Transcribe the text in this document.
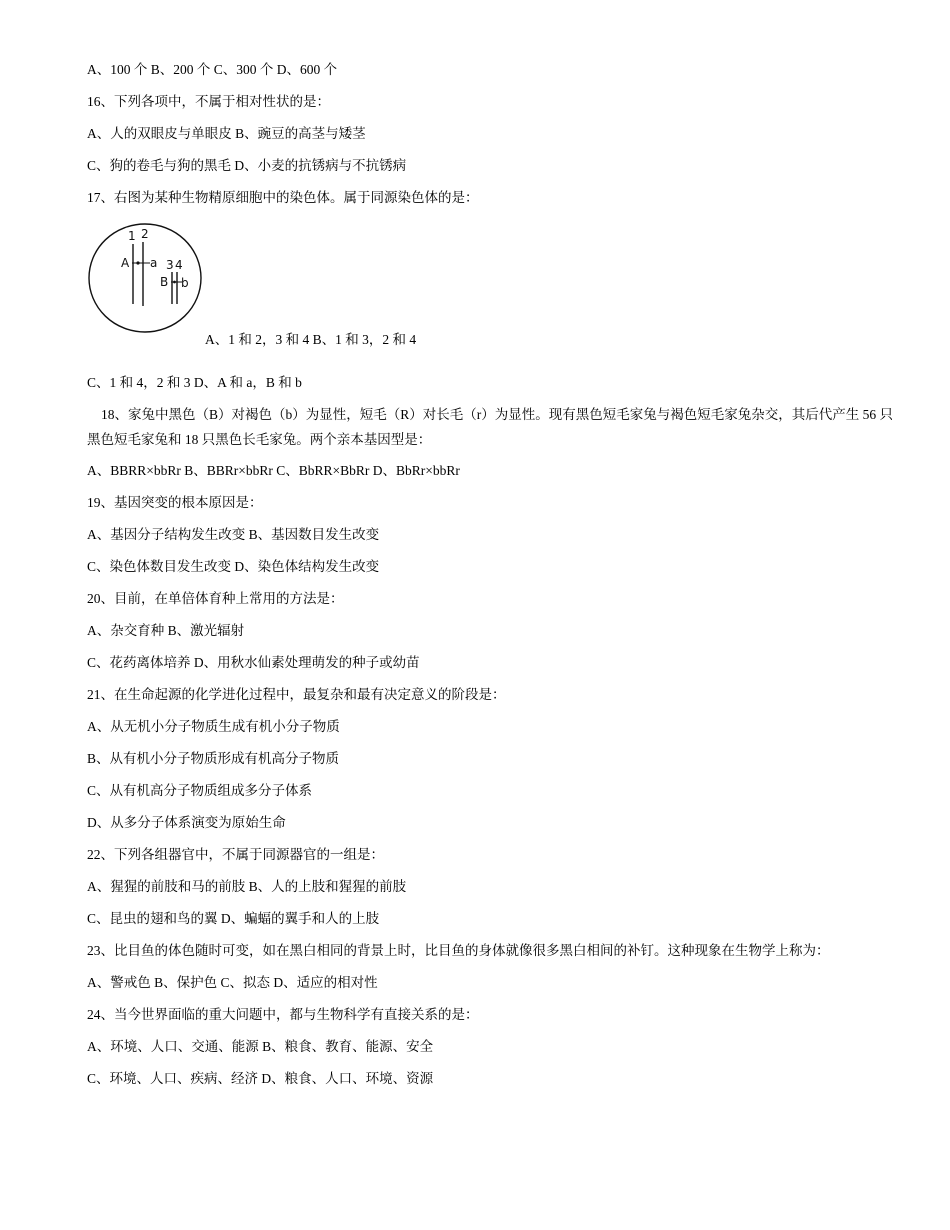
A、100 个 B、200 个 C、300 个 D、600 个
16、下列各项中，不属于相对性状的是：
A、人的双眼皮与单眼皮 B、豌豆的高茎与矮茎
C、狗的卷毛与狗的黑毛 D、小麦的抗锈病与不抗锈病
17、右图为某种生物精原细胞中的染色体。属于同源染色体的是：
1 2
A a 3 4
B b
A、1 和 2，3 和 4 B、1 和 3，2 和 4
C、1 和 4，2 和 3 D、A 和 a，B 和 b
18、家兔中黑色（B）对褐色（b）为显性，短毛（R）对长毛（r）为显性。现有黑色短毛家兔与褐色短毛家兔杂交，其后代产生 56 只黑色短毛家兔和 18 只黑色长毛家兔。两个亲本基因型是：
A、BBRR×bbRr B、BBRr×bbRr C、BbRR×BbRr D、BbRr×bbRr
19、基因突变的根本原因是：
A、基因分子结构发生改变 B、基因数目发生改变
C、染色体数目发生改变 D、染色体结构发生改变
20、目前，在单倍体育种上常用的方法是：
A、杂交育种 B、激光辐射
C、花药离体培养 D、用秋水仙素处理萌发的种子或幼苗
21、在生命起源的化学进化过程中，最复杂和最有决定意义的阶段是：
A、从无机小分子物质生成有机小分子物质
B、从有机小分子物质形成有机高分子物质
C、从有机高分子物质组成多分子体系
D、从多分子体系演变为原始生命
22、下列各组器官中，不属于同源器官的一组是：
A、猩猩的前肢和马的前肢 B、人的上肢和猩猩的前肢
C、昆虫的翅和鸟的翼 D、蝙蝠的翼手和人的上肢
23、比目鱼的体色随时可变，如在黑白相同的背景上时，比目鱼的身体就像很多黑白相间的补钉。这种现象在生物学上称为：
A、警戒色 B、保护色 C、拟态 D、适应的相对性
24、当今世界面临的重大问题中，都与生物科学有直接关系的是：
A、环境、人口、交通、能源 B、粮食、教育、能源、安全
C、环境、人口、疾病、经济 D、粮食、人口、环境、资源
